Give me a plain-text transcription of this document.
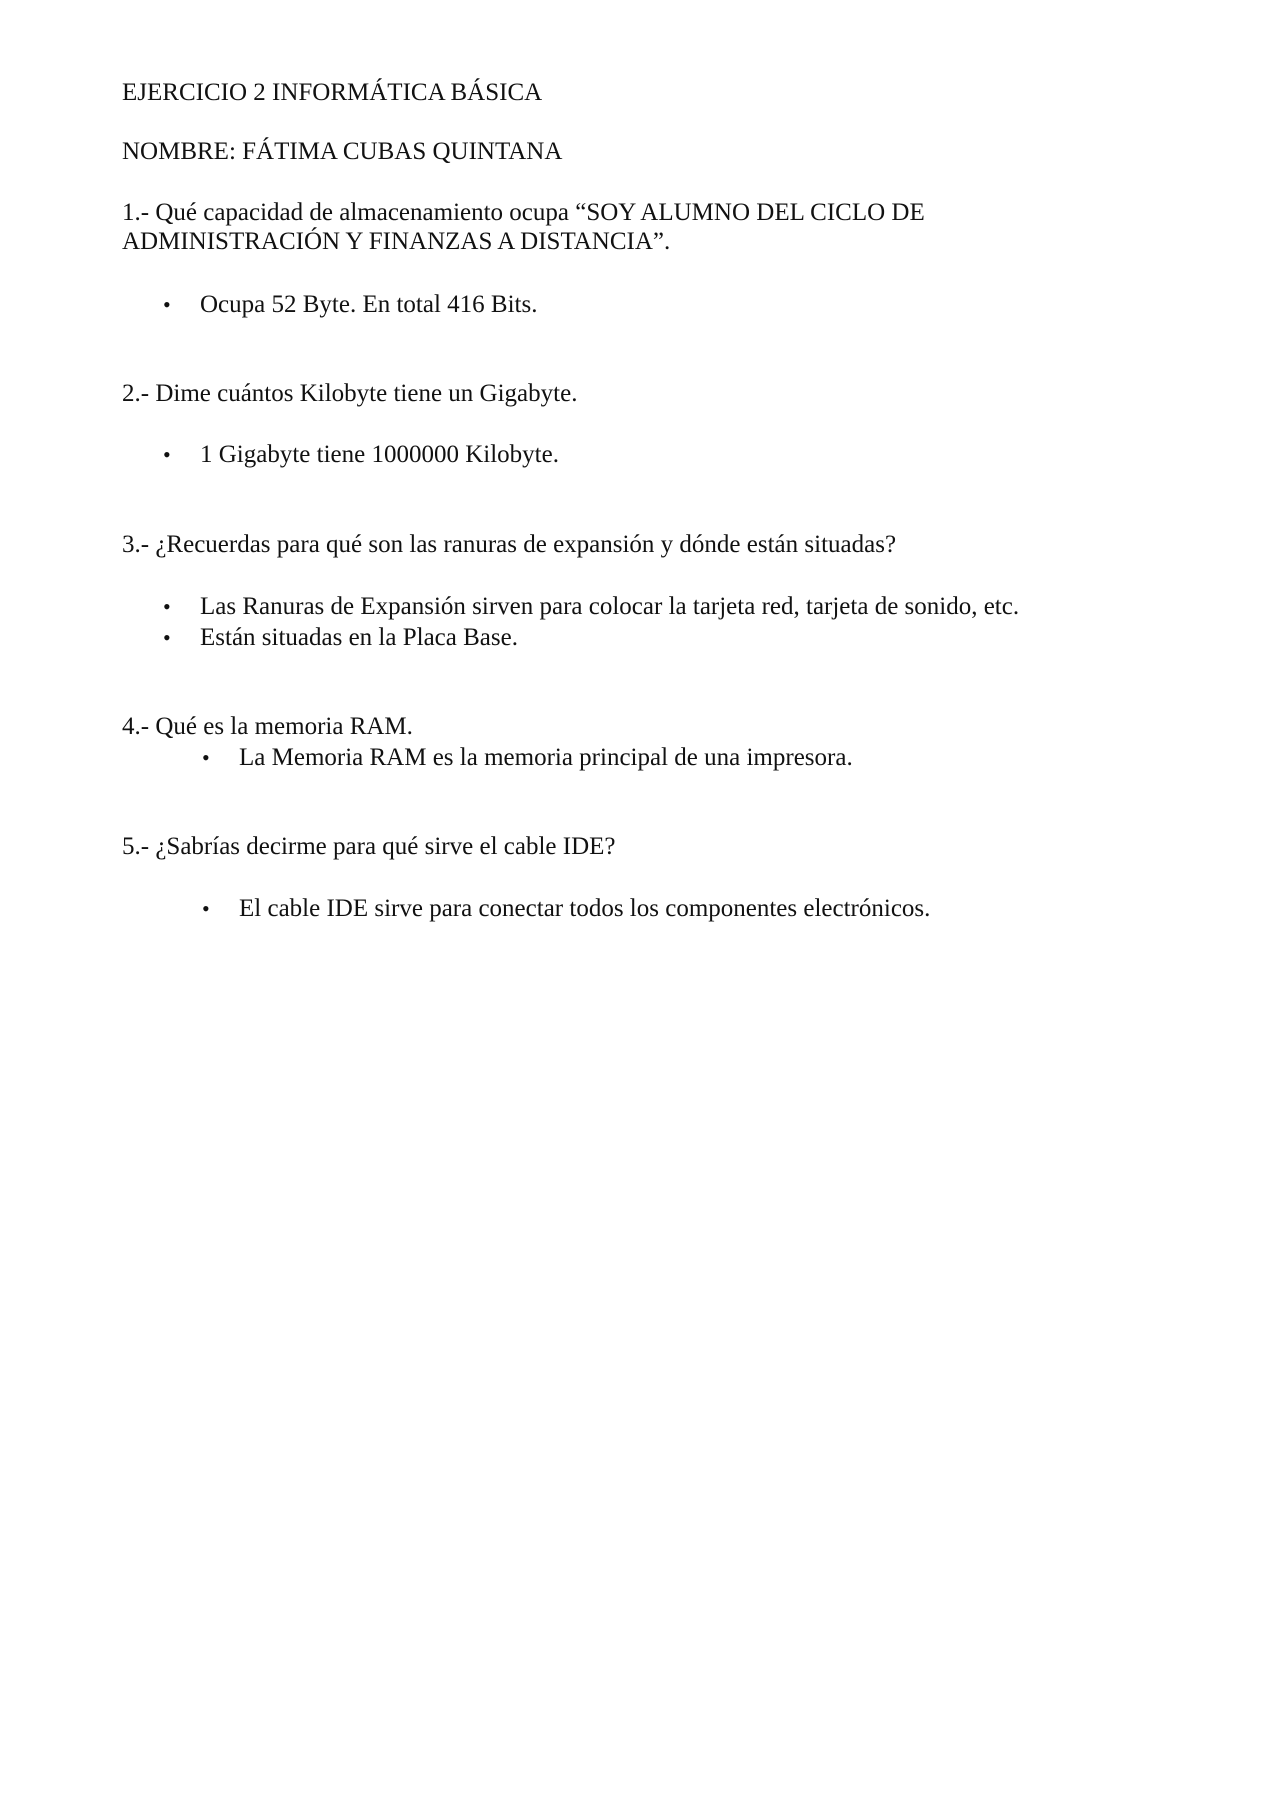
EJERCICIO 2 INFORMÁTICA BÁSICA
NOMBRE: FÁTIMA CUBAS QUINTANA
1.- Qué capacidad de almacenamiento ocupa “SOY ALUMNO DEL CICLO DE
ADMINISTRACIÓN Y FINANZAS A DISTANCIA”.
• Ocupa 52 Byte. En total 416 Bits.
2.- Dime cuántos Kilobyte tiene un Gigabyte.
• 1 Gigabyte tiene 1000000 Kilobyte.
3.- ¿Recuerdas para qué son las ranuras de expansión y dónde están situadas?
• Las Ranuras de Expansión sirven para colocar la tarjeta red, tarjeta de sonido, etc.
• Están situadas en la Placa Base.
4.- Qué es la memoria RAM.
• La Memoria RAM es la memoria principal de una impresora.
5.- ¿Sabrías decirme para qué sirve el cable IDE?
• El cable IDE sirve para conectar todos los componentes electrónicos.
